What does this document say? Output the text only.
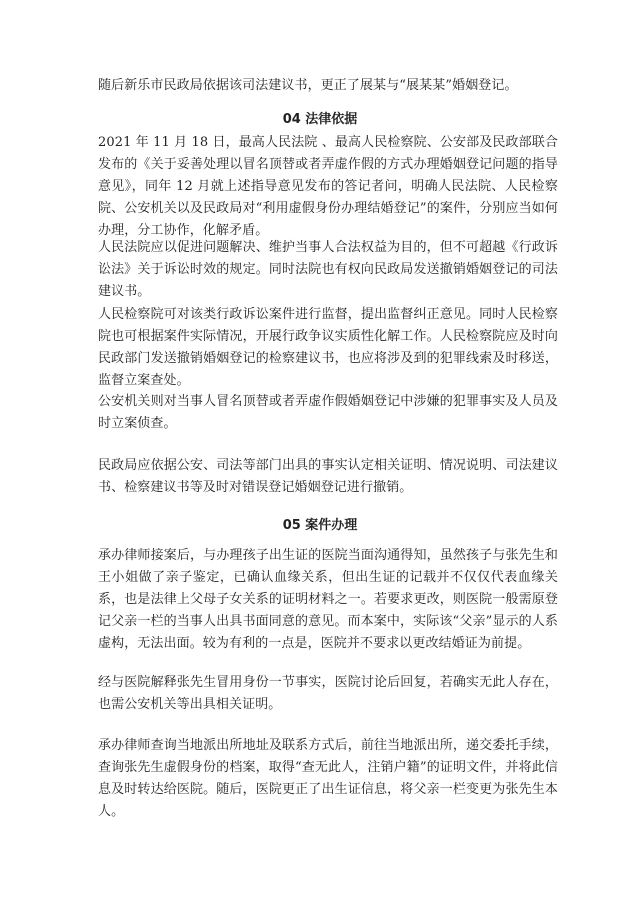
随后新乐市民政局依据该司法建议书，更正了展某与“展某某”婚姻登记。

04 法律依据

2021 年 11 月 18 日，最高人民法院 、最高人民检察院、公安部及民政部联合发布的《关于妥善处理以冒名顶替或者弄虚作假的方式办理婚姻登记问题的指导意见》，同年 12 月就上述指导意见发布的答记者问，明确人民法院、人民检察院、公安机关以及民政局对“利用虚假身份办理结婚登记”的案件，分别应当如何办理，分工协作，化解矛盾。

人民法院应以促进问题解决、维护当事人合法权益为目的，但不可超越《行政诉讼法》关于诉讼时效的规定。同时法院也有权向民政局发送撤销婚姻登记的司法建议书。

人民检察院可对该类行政诉讼案件进行监督，提出监督纠正意见。同时人民检察院也可根据案件实际情况，开展行政争议实质性化解工作。人民检察院应及时向民政部门发送撤销婚姻登记的检察建议书，也应将涉及到的犯罪线索及时移送，监督立案查处。

公安机关则对当事人冒名顶替或者弄虚作假婚姻登记中涉嫌的犯罪事实及人员及时立案侦查。

民政局应依据公安、司法等部门出具的事实认定相关证明、情况说明、司法建议书、检察建议书等及时对错误登记婚姻登记进行撤销。

05 案件办理

承办律师接案后，与办理孩子出生证的医院当面沟通得知，虽然孩子与张先生和王小姐做了亲子鉴定，已确认血缘关系，但出生证的记载并不仅仅代表血缘关系，也是法律上父母子女关系的证明材料之一。若要求更改，则医院一般需原登记父亲一栏的当事人出具书面同意的意见。而本案中，实际该“父亲”显示的人系虚构，无法出面。较为有利的一点是，医院并不要求以更改结婚证为前提。

经与医院解释张先生冒用身份一节事实，医院讨论后回复，若确实无此人存在，也需公安机关等出具相关证明。

承办律师查询当地派出所地址及联系方式后，前往当地派出所，递交委托手续，查询张先生虚假身份的档案，取得“查无此人，注销户籍”的证明文件，并将此信息及时转达给医院。随后，医院更正了出生证信息，将父亲一栏变更为张先生本人。
